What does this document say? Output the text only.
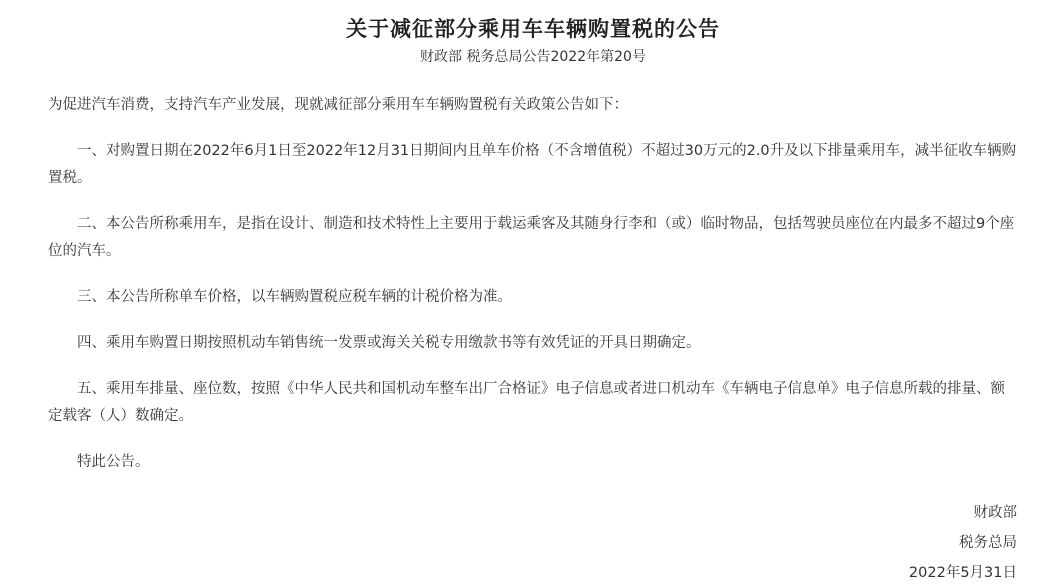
关于减征部分乘用车车辆购置税的公告

财政部 税务总局公告2022年第20号

为促进汽车消费，支持汽车产业发展，现就减征部分乘用车车辆购置税有关政策公告如下：

一、对购置日期在2022年6月1日至2022年12月31日期间内且单车价格（不含增值税）不超过30万元的2.0升及以下排量乘用车，减半征收车辆购置税。

二、本公告所称乘用车，是指在设计、制造和技术特性上主要用于载运乘客及其随身行李和（或）临时物品，包括驾驶员座位在内最多不超过9个座位的汽车。

三、本公告所称单车价格，以车辆购置税应税车辆的计税价格为准。

四、乘用车购置日期按照机动车销售统一发票或海关关税专用缴款书等有效凭证的开具日期确定。

五、乘用车排量、座位数，按照《中华人民共和国机动车整车出厂合格证》电子信息或者进口机动车《车辆电子信息单》电子信息所载的排量、额定载客（人）数确定。

特此公告。

财政部
税务总局
2022年5月31日
